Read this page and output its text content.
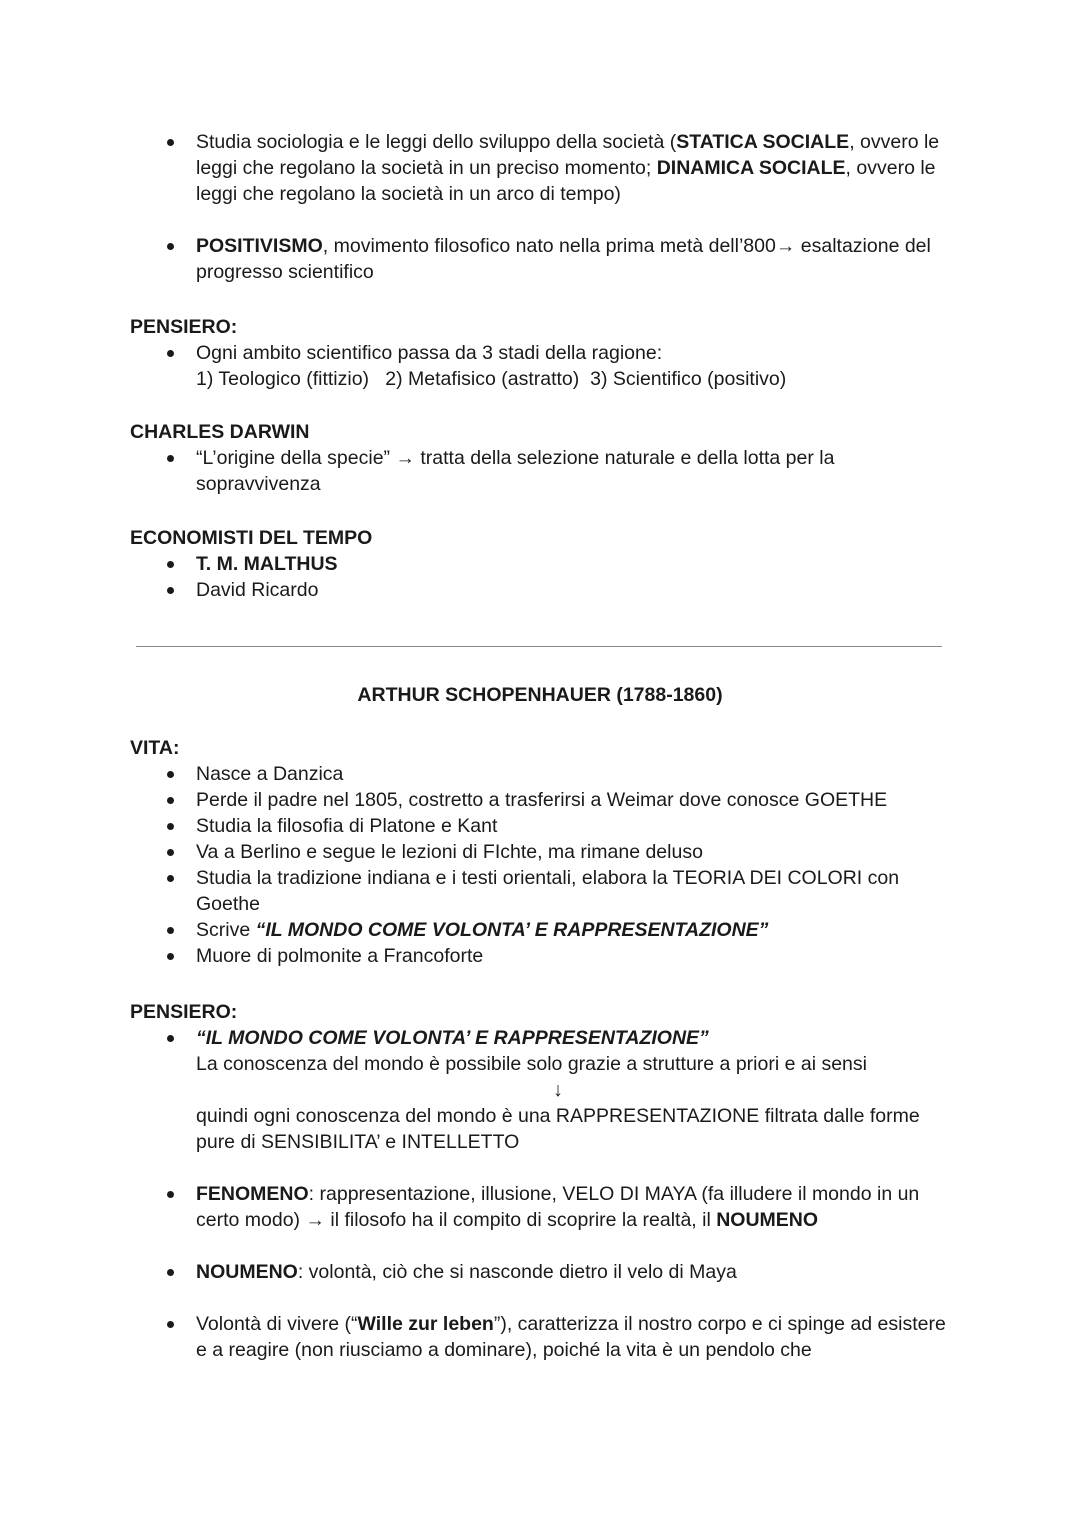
Studia sociologia e le leggi dello sviluppo della società (STATICA SOCIALE, ovvero le leggi che regolano la società in un preciso momento; DINAMICA SOCIALE, ovvero le leggi che regolano la società in un arco di tempo)
POSITIVISMO, movimento filosofico nato nella prima metà dell’800→ esaltazione del progresso scientifico

PENSIERO:

Ogni ambito scientifico passa da 3 stadi della ragione:
1) Teologico (fittizio)   2) Metafisico (astratto)  3) Scientifico (positivo)

CHARLES DARWIN

“L’origine della specie” → tratta della selezione naturale e della lotta per la sopravvivenza

ECONOMISTI DEL TEMPO

T. M. MALTHUS
David Ricardo
ARTHUR SCHOPENHAUER (1788-1860)

VITA:

Nasce a Danzica
Perde il padre nel 1805, costretto a trasferirsi a Weimar dove conosce GOETHE
Studia la filosofia di Platone e Kant
Va a Berlino e segue le lezioni di FIchte, ma rimane deluso
Studia la tradizione indiana e i testi orientali, elabora la TEORIA DEI COLORI con Goethe
Scrive “IL MONDO COME VOLONTA’ E RAPPRESENTAZIONE”
Muore di polmonite a Francoforte

PENSIERO:

“IL MONDO COME VOLONTA’ E RAPPRESENTAZIONE”
La conoscenza del mondo è possibile solo grazie a strutture a priori e ai sensi
↓
quindi ogni conoscenza del mondo è una RAPPRESENTAZIONE filtrata dalle forme pure di SENSIBILITA’ e INTELLETTO
FENOMENO: rappresentazione, illusione, VELO DI MAYA (fa illudere il mondo in un certo modo) → il filosofo ha il compito di scoprire la realtà, il NOUMENO
NOUMENO: volontà, ciò che si nasconde dietro il velo di Maya
Volontà di vivere (“Wille zur leben”), caratterizza il nostro corpo e ci spinge ad esistere e a reagire (non riusciamo a dominare), poiché la vita è un pendolo che
